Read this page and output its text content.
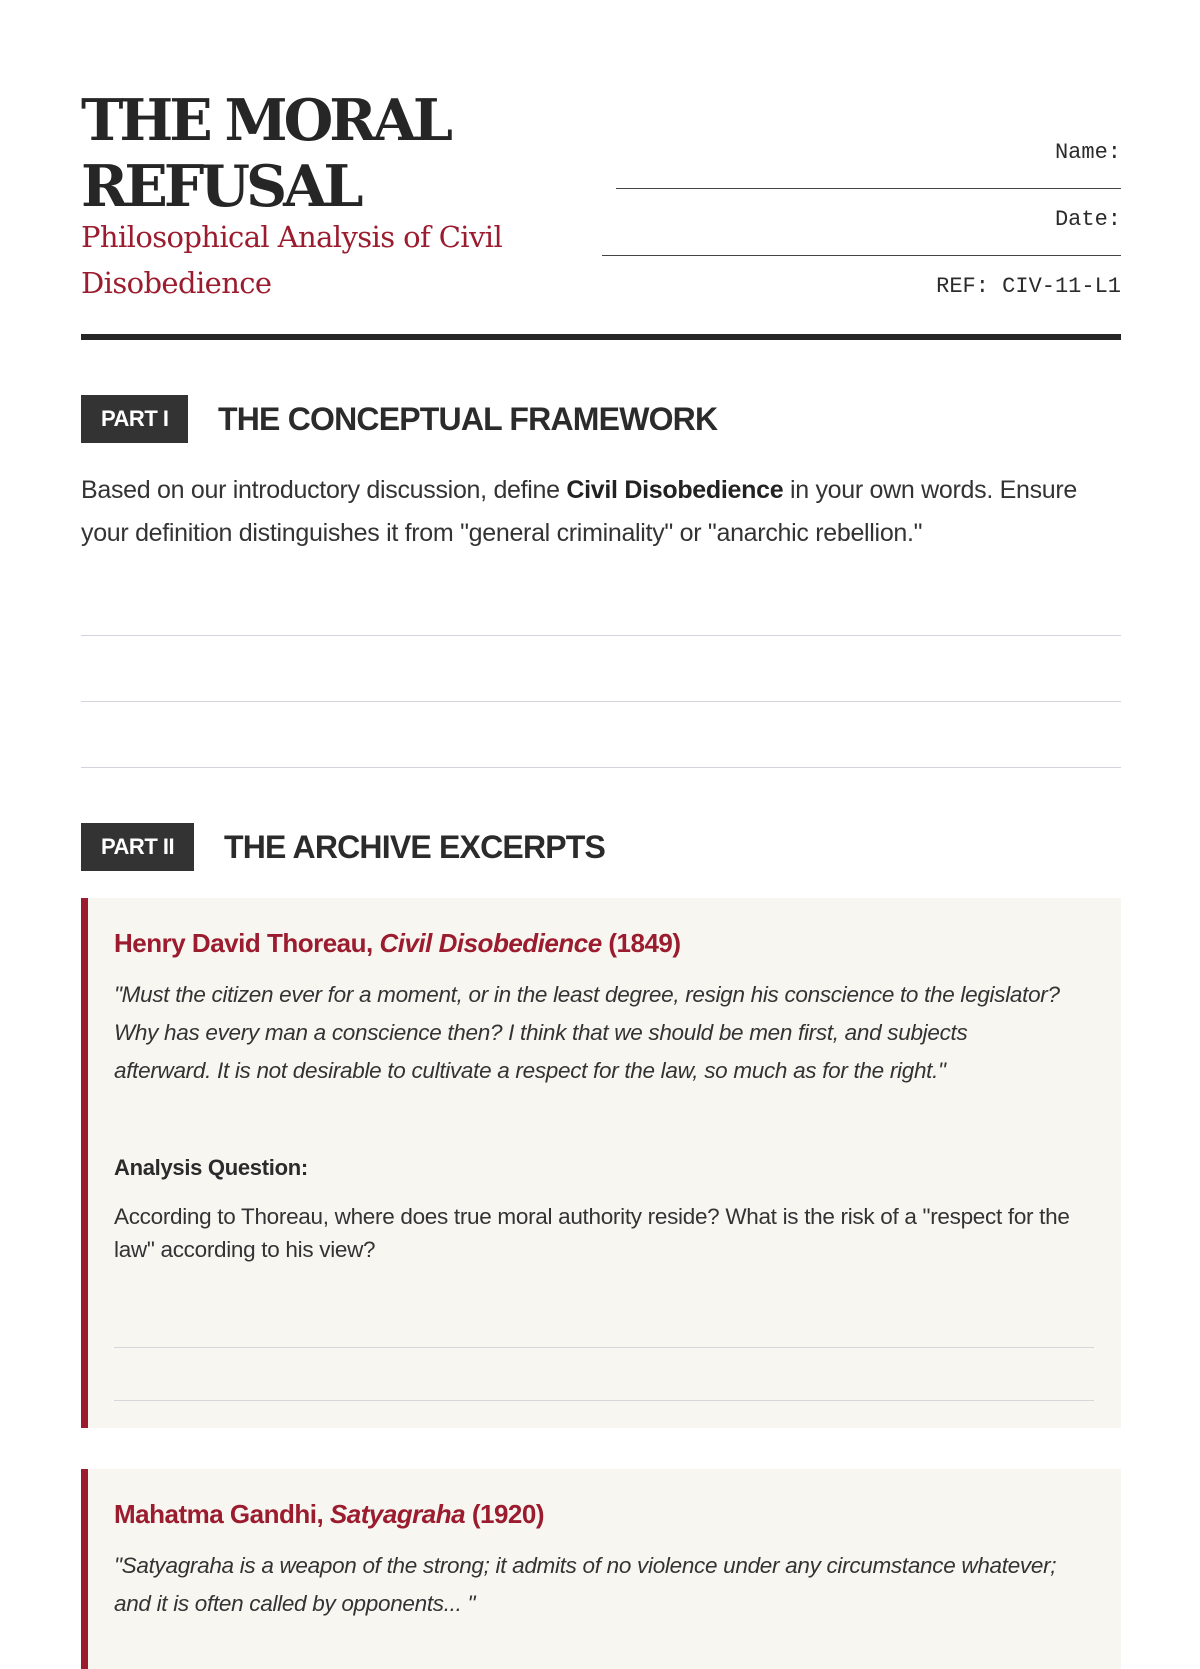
THE MORAL REFUSAL

Philosophical Analysis of Civil Disobedience

Name:
Date:
REF: CIV-11-L1
PART I	THE CONCEPTUAL FRAMEWORK

Based on our introductory discussion, define Civil Disobedience in your own words. Ensure your definition distinguishes it from "general criminality" or "anarchic rebellion."

PART II	THE ARCHIVE EXCERPTS
Henry David Thoreau, Civil Disobedience (1849)

"Must the citizen ever for a moment, or in the least degree, resign his conscience to the legislator? Why has every man a conscience then? I think that we should be men first, and subjects afterward. It is not desirable to cultivate a respect for the law, so much as for the right."

Analysis Question:

According to Thoreau, where does true moral authority reside? What is the risk of a "respect for the law" according to his view?

Mahatma Gandhi, Satyagraha (1920)

"Satyagraha is a weapon of the strong; it admits of no violence under any circumstance whatever; and it is often called by opponents... "
